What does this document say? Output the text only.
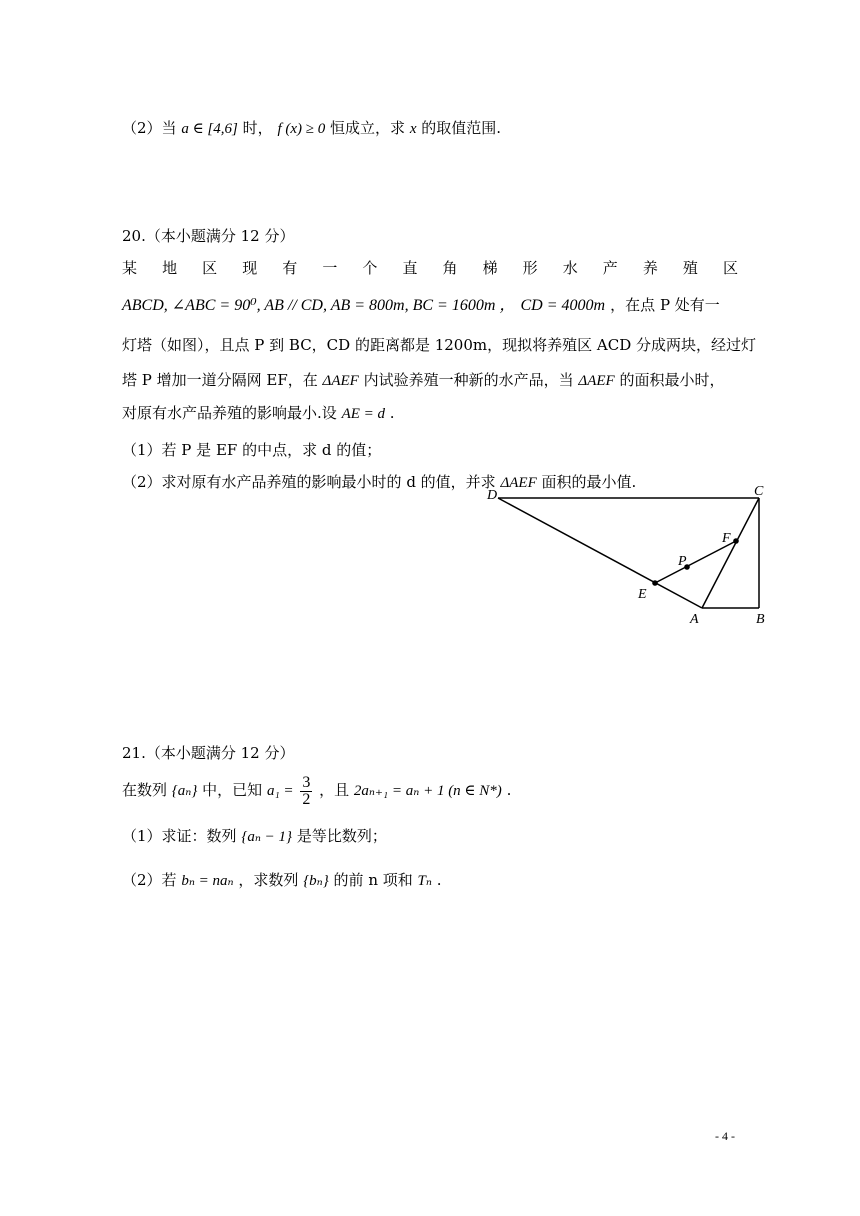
（2）当 a ∈ [4,6] 时， f (x) ≥ 0 恒成立，求 x 的取值范围.
20.（本小题满分 12 分）
某 地 区 现 有 一 个 直 角 梯 形 水 产 养 殖 区
ABCD, ∠ABC = 90⁰, AB // CD, AB = 800m, BC = 1600m ， CD = 4000m ，在点 P 处有一
灯塔（如图），且点 P 到 BC，CD 的距离都是 1200m，现拟将养殖区 ACD 分成两块，经过灯
塔 P 增加一道分隔网 EF，在 ΔAEF 内试验养殖一种新的水产品，当 ΔAEF 的面积最小时，
对原有水产品养殖的影响最小.设 AE = d .
（1）若 P 是 EF 的中点，求 d 的值；
（2）求对原有水产品养殖的影响最小时的 d 的值，并求 ΔAEF 面积的最小值.
D	C
F
P
E
A	B
21.（本小题满分 12 分）
在数列 {aₙ} 中，已知 $a_1 = \frac{3}{2}$ ，且 2aₙ₊₁ = aₙ + 1 (n ∈ N*) .
（1）求证：数列 {aₙ − 1} 是等比数列；
（2）若 bₙ = naₙ ，求数列 {bₙ} 的前 n 项和 Tₙ .
- 4 -
